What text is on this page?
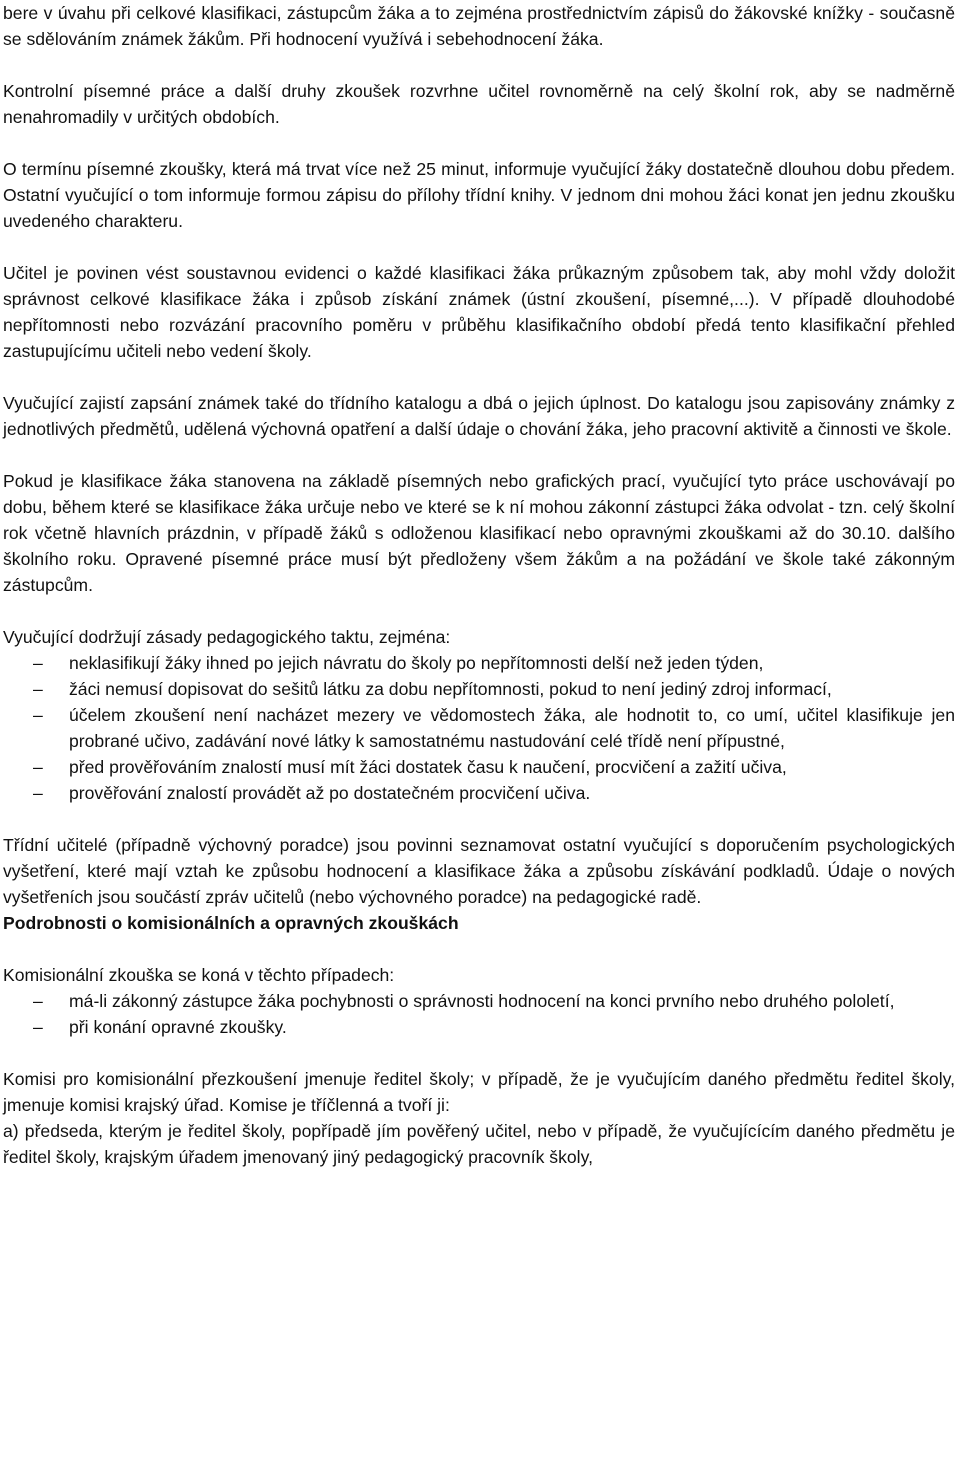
bere v úvahu při celkové klasifikaci, zástupcům žáka a to zejména prostřednictvím zápisů do žákovské knížky - současně se sdělováním známek žákům. Při hodnocení využívá i sebehodnocení žáka.

Kontrolní písemné práce a další druhy zkoušek rozvrhne učitel rovnoměrně na celý školní rok, aby se nadměrně nenahromadily v určitých obdobích.

O termínu písemné zkoušky, která má trvat více než 25 minut, informuje vyučující žáky dostatečně dlouhou dobu předem. Ostatní vyučující o tom informuje formou zápisu do přílohy třídní knihy. V jednom dni mohou žáci konat jen jednu zkoušku uvedeného charakteru.

Učitel je povinen vést soustavnou evidenci o každé klasifikaci žáka průkazným způsobem tak, aby mohl vždy doložit správnost celkové klasifikace žáka i způsob získání známek (ústní zkoušení, písemné,...). V případě dlouhodobé nepřítomnosti nebo rozvázání pracovního poměru v průběhu klasifikačního období předá tento klasifikační přehled zastupujícímu učiteli nebo vedení školy.

Vyučující zajistí zapsání známek také do třídního katalogu a dbá o jejich úplnost. Do katalogu jsou zapisovány známky z jednotlivých předmětů, udělená výchovná opatření a další údaje o chování žáka, jeho pracovní aktivitě a činnosti ve škole.

Pokud je klasifikace žáka stanovena na základě písemných nebo grafických prací, vyučující tyto práce uschovávají po dobu, během které se klasifikace žáka určuje nebo ve které se k ní mohou zákonní zástupci žáka odvolat - tzn. celý školní rok včetně hlavních prázdnin, v případě žáků s odloženou klasifikací nebo opravnými zkouškami až do 30.10. dalšího školního roku. Opravené písemné práce musí být předloženy všem žákům a na požádání ve škole také zákonným zástupcům.

Vyučující dodržují zásady pedagogického taktu, zejména:

–	neklasifikují žáky ihned po jejich návratu do školy po nepřítomnosti delší než jeden týden,
–	žáci nemusí dopisovat do sešitů látku za dobu nepřítomnosti, pokud to není jediný zdroj informací,
–	účelem zkoušení není nacházet mezery ve vědomostech žáka, ale hodnotit to, co umí, učitel klasifikuje jen probrané učivo, zadávání nové látky k samostatnému nastudování celé třídě není přípustné,
–	před prověřováním znalostí musí mít žáci dostatek času k naučení, procvičení a zažití učiva,
–	prověřování znalostí provádět až po dostatečném procvičení učiva.

Třídní učitelé (případně výchovný poradce) jsou povinni seznamovat ostatní vyučující s doporučením psychologických vyšetření, které mají vztah ke způsobu hodnocení a klasifikace žáka a způsobu získávání podkladů. Údaje o nových vyšetřeních jsou součástí zpráv učitelů (nebo výchovného poradce) na pedagogické radě.

Podrobnosti o komisionálních a opravných zkouškách

Komisionální zkouška se koná v těchto případech:

–	má-li zákonný zástupce žáka pochybnosti o správnosti hodnocení na konci prvního nebo druhého pololetí,
–	při konání opravné zkoušky.

Komisi pro komisionální přezkoušení jmenuje ředitel školy; v případě, že je vyučujícím daného předmětu ředitel školy, jmenuje komisi krajský úřad. Komise je tříčlenná a tvoří ji:

a) předseda, kterým je ředitel školy, popřípadě jím pověřený učitel, nebo v případě, že vyučujícícím daného předmětu je ředitel školy, krajským úřadem jmenovaný jiný pedagogický pracovník školy,
